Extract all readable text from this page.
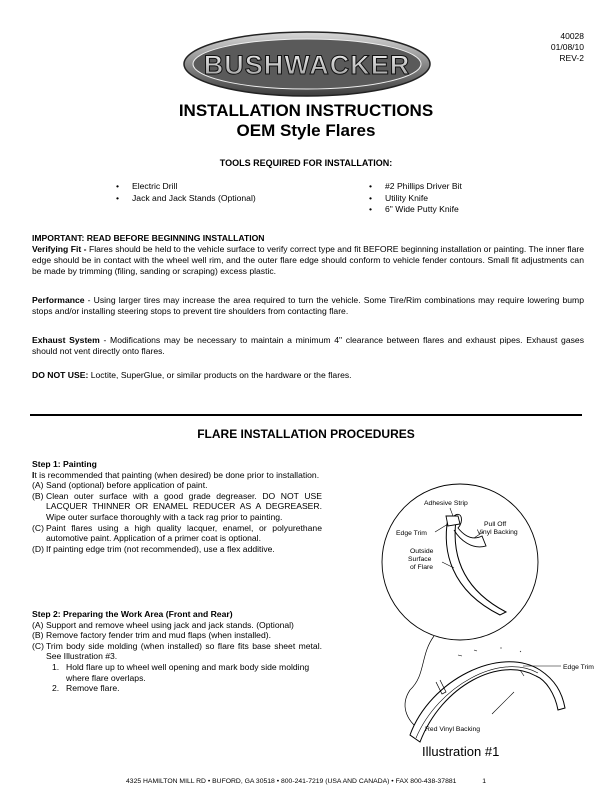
40028
01/08/10
REV-2
BUSHWACKER
INSTALLATION INSTRUCTIONS
OEM Style Flares
TOOLS REQUIRED FOR INSTALLATION:
• Electric Drill
• Jack and Jack Stands (Optional)
• #2 Phillips Driver Bit
• Utility Knife
• 6" Wide Putty Knife
IMPORTANT: READ BEFORE BEGINNING INSTALLATION
Verifying Fit - Flares should be held to the vehicle surface to verify correct type and fit BEFORE beginning installation or painting. The inner flare edge should be in contact with the wheel well rim, and the outer flare edge should conform to vehicle fender contours. Small fit adjustments can be made by trimming (filing, sanding or scraping) excess plastic.
Performance - Using larger tires may increase the area required to turn the vehicle. Some Tire/Rim combinations may require lowering bump stops and/or installing steering stops to prevent tire shoulders from contacting flare.
Exhaust System - Modifications may be necessary to maintain a minimum 4" clearance between flares and exhaust pipes. Exhaust gases should not vent directly onto flares.
DO NOT USE: Loctite, SuperGlue, or similar products on the hardware or the flares.
FLARE INSTALLATION PROCEDURES
Step 1: Painting
It is recommended that painting (when desired) be done prior to installation.
(A) Sand (optional) before application of paint.
(B) Clean outer surface with a good grade degreaser. DO NOT USE LACQUER THINNER OR ENAMEL REDUCER AS A DEGREASER. Wipe outer surface thoroughly with a tack rag prior to painting.
(C) Paint flares using a high quality lacquer, enamel, or polyurethane automotive paint. Application of a primer coat is optional.
(D) If painting edge trim (not recommended), use a flex additive.
Step 2: Preparing the Work Area (Front and Rear)
(A) Support and remove wheel using jack and jack stands. (Optional)
(B) Remove factory fender trim and mud flaps (when installed).
(C) Trim body side molding (when installed) so flare fits base sheet metal. See Illustration #3.
1. Hold flare up to wheel well opening and mark body side molding where flare overlaps.
2. Remove flare.
Adhesive Strip
Edge Trim
Pull Off
Vinyl Backing
Outside
Surface
of Flare
Edge Trim
Red Vinyl Backing
Illustration #1
4325 HAMILTON MILL RD • BUFORD, GA 30518 • 800-241-7219 (USA AND CANADA) • FAX 800-438-37881	1
